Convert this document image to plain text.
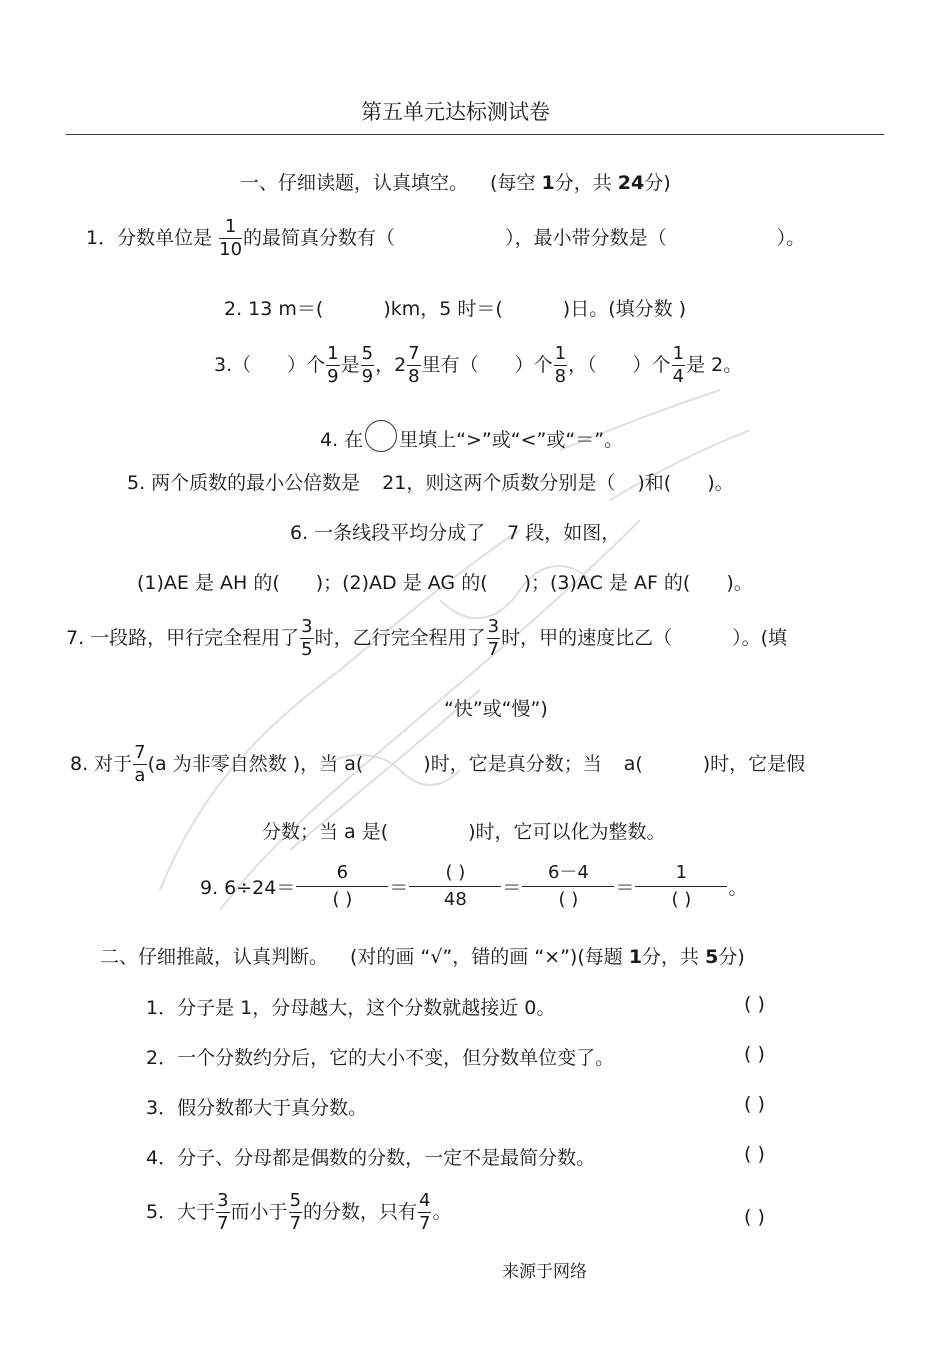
第五单元达标测试卷
一、仔细读题，认真填空。 (每空 1分，共 24分)
1．分数单位是 $\frac{1}{10}$ 的最简真分数有（	），最小带分数是（	）。
2. 13 m＝(	)km，5 时＝(	)日。(填分数 )
3.（ ）个 $\frac{1}{9}$ 是 $\frac{5}{9}$ ，$2 \frac{7}{8}$ 里有（ ）个 $\frac{1}{8}$ ，（ ）个 $\frac{1}{4}$ 是 2。
4. 在 里填上“>”或“<”或“＝”。
5. 两个质数的最小公倍数是 21，则这两个质数分别是（ )和( )。
6. 一条线段平均分成了 7 段，如图，
(1)AE 是 AH 的( )；(2)AD 是 AG 的( )；(3)AC 是 AF 的( )。
7. 一段路，甲行完全程用了 $\frac{3}{5}$ 时，乙行完全程用了 $\frac{3}{7}$ 时，甲的速度比乙（	）。(填
“快”或“慢”)
8. 对于 $\frac{7}{a} (a$ 为非零自然数 )，当 a(	)时，它是真分数；当 a(	)时，它是假
分数；当 a 是(	)时，它可以化为整数。
9. $6\div 24= \frac{6}{( )} = \frac{( )}{48} = \frac{6-4}{( )} = \frac{1}{( )}$ 。
二、仔细推敲，认真判断。 (对的画 “√”，错的画 “×”)(每题 1分，共 5分)
1．分子是 1，分母越大，这个分数就越接近 0。	( )
2．一个分数约分后，它的大小不变，但分数单位变了。	( )
3．假分数都大于真分数。	( )
4．分子、分母都是偶数的分数，一定不是最简分数。	( )
5．大于 $\frac{3}{7}$ 而小于 $\frac{5}{7}$ 的分数，只有 $\frac{4}{7}$ 。	( )
来源于网络
